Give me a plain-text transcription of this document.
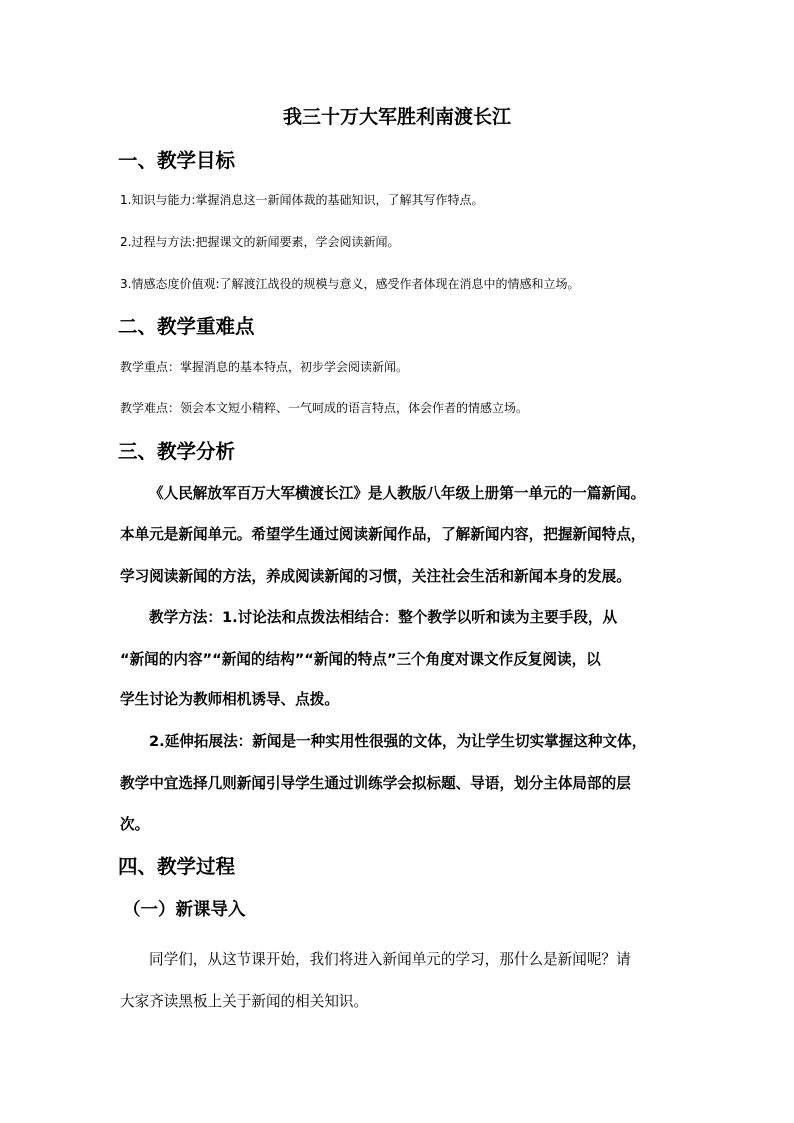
我三十万大军胜利南渡长江
一、教学目标
1.知识与能力:掌握消息这一新闻体裁的基础知识，了解其写作特点。
2.过程与方法:把握课文的新闻要素，学会阅读新闻。
3.情感态度价值观:了解渡江战役的规模与意义，感受作者体现在消息中的情感和立场。
二、教学重难点
教学重点：掌握消息的基本特点，初步学会阅读新闻。
教学难点：领会本文短小精粹、一气呵成的语言特点，体会作者的情感立场。
三、教学分析
《人民解放军百万大军横渡长江》是人教版八年级上册第一单元的一篇新闻。
本单元是新闻单元。希望学生通过阅读新闻作品，了解新闻内容，把握新闻特点，
学习阅读新闻的方法，养成阅读新闻的习惯，关注社会生活和新闻本身的发展。
教学方法：1.讨论法和点拨法相结合：整个教学以听和读为主要手段，从
“新闻的内容”“新闻的结构”“新闻的特点”三个角度对课文作反复阅读，以
学生讨论为教师相机诱导、点拨。
2.延伸拓展法：新闻是一种实用性很强的文体，为让学生切实掌握这种文体，
教学中宜选择几则新闻引导学生通过训练学会拟标题、导语，划分主体局部的层
次。
四、教学过程
（一）新课导入
同学们，从这节课开始，我们将进入新闻单元的学习，那什么是新闻呢？请
大家齐读黑板上关于新闻的相关知识。
